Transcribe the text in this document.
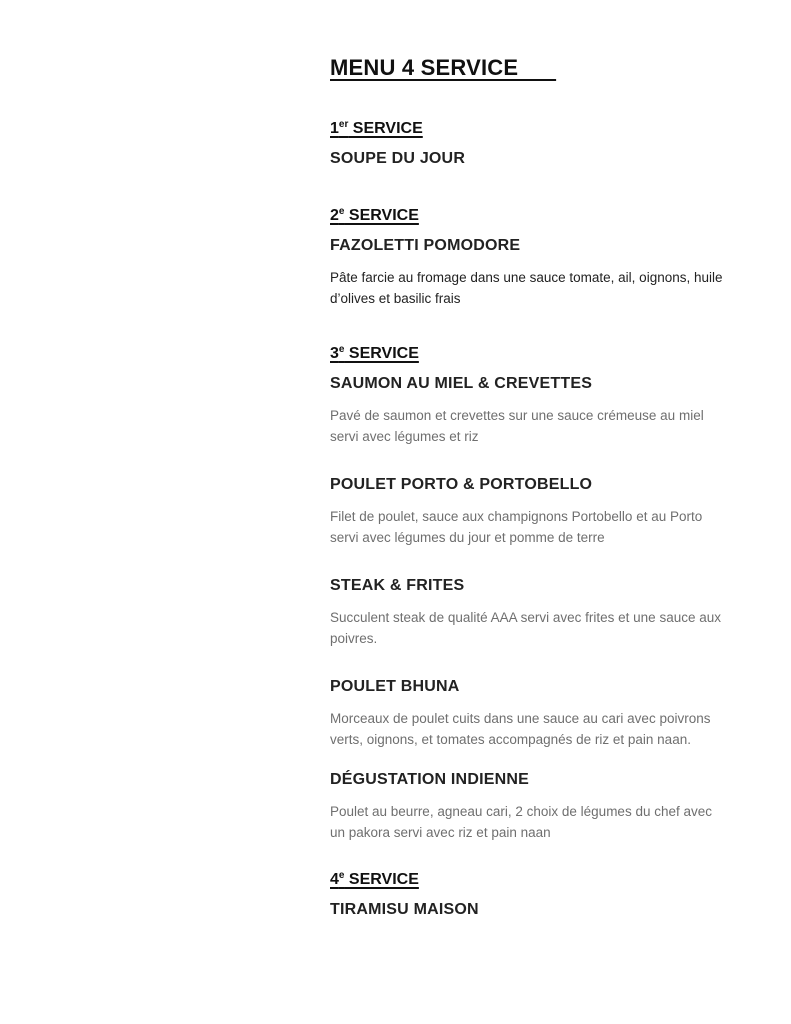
MENU 4 SERVICE
1er SERVICE
SOUPE DU JOUR
2e SERVICE
FAZOLETTI POMODORE
Pâte farcie au fromage dans une sauce tomate, ail, oignons, huile d’olives et basilic frais
3e SERVICE
SAUMON AU MIEL & CREVETTES
Pavé de saumon et crevettes sur une sauce crémeuse au miel servi avec légumes et riz
POULET PORTO & PORTOBELLO
Filet de poulet, sauce aux champignons Portobello et au Porto servi avec légumes du jour et pomme de terre
STEAK & FRITES
Succulent steak de qualité AAA servi avec frites et une sauce aux poivres.
POULET BHUNA
Morceaux de poulet cuits dans une sauce au cari avec poivrons verts, oignons, et tomates accompagnés de riz et pain naan.
DÉGUSTATION INDIENNE
Poulet au beurre, agneau cari, 2 choix de légumes du chef avec un pakora servi avec riz et pain naan
4e SERVICE
TIRAMISU MAISON
